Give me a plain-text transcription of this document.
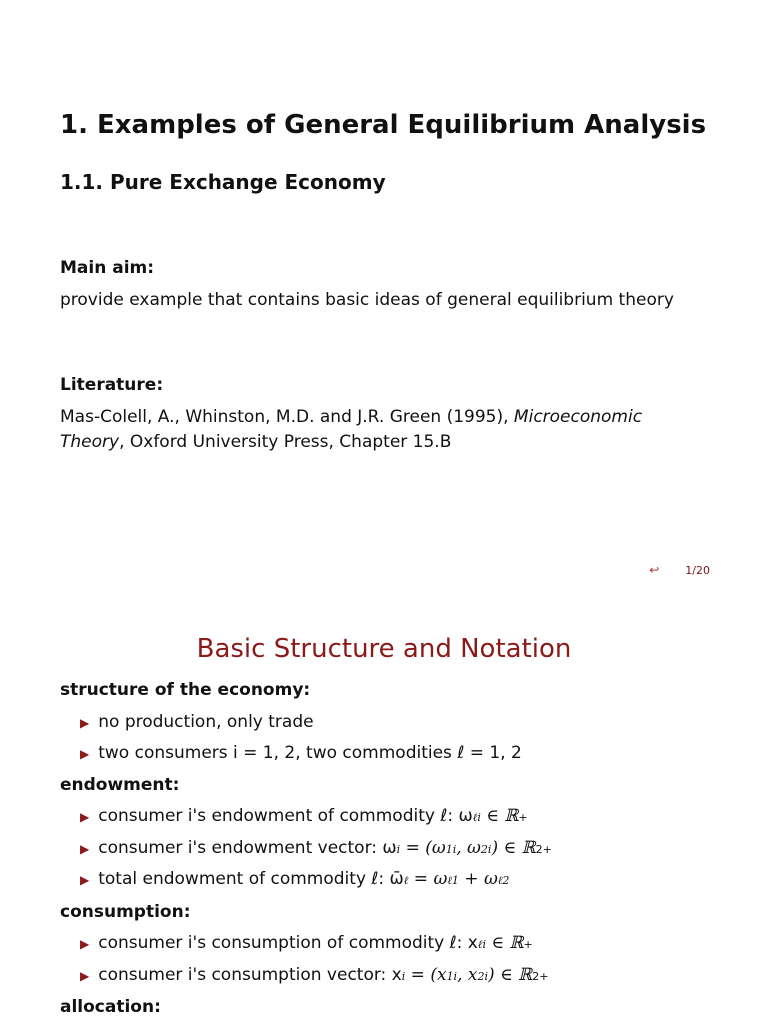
1. Examples of General Equilibrium Analysis
1.1. Pure Exchange Economy
Main aim:
provide example that contains basic ideas of general equilibrium theory
Literature:
Mas-Colell, A., Whinston, M.D. and J.R. Green (1995), Microeconomic
Theory, Oxford University Press, Chapter 15.B
↩ 1/20
Basic Structure and Notation
structure of the economy:
▶ no production, only trade
▶ two consumers i = 1, 2, two commodities ℓ = 1, 2
endowment:
▶ consumer i's endowment of commodity ℓ: ω ℓi ∈ ℝ +
▶ consumer i's endowment vector: ω i = (ω 1i , ω 2i ) ∈ ℝ 2 +
▶ total endowment of commodity ℓ: ω̄ ℓ = ω ℓ1 + ω ℓ2
consumption:
▶ consumer i's consumption of commodity ℓ: x ℓi ∈ ℝ +
▶ consumer i's consumption vector: x i = (x 1i , x 2i ) ∈ ℝ 2 +
allocation:
